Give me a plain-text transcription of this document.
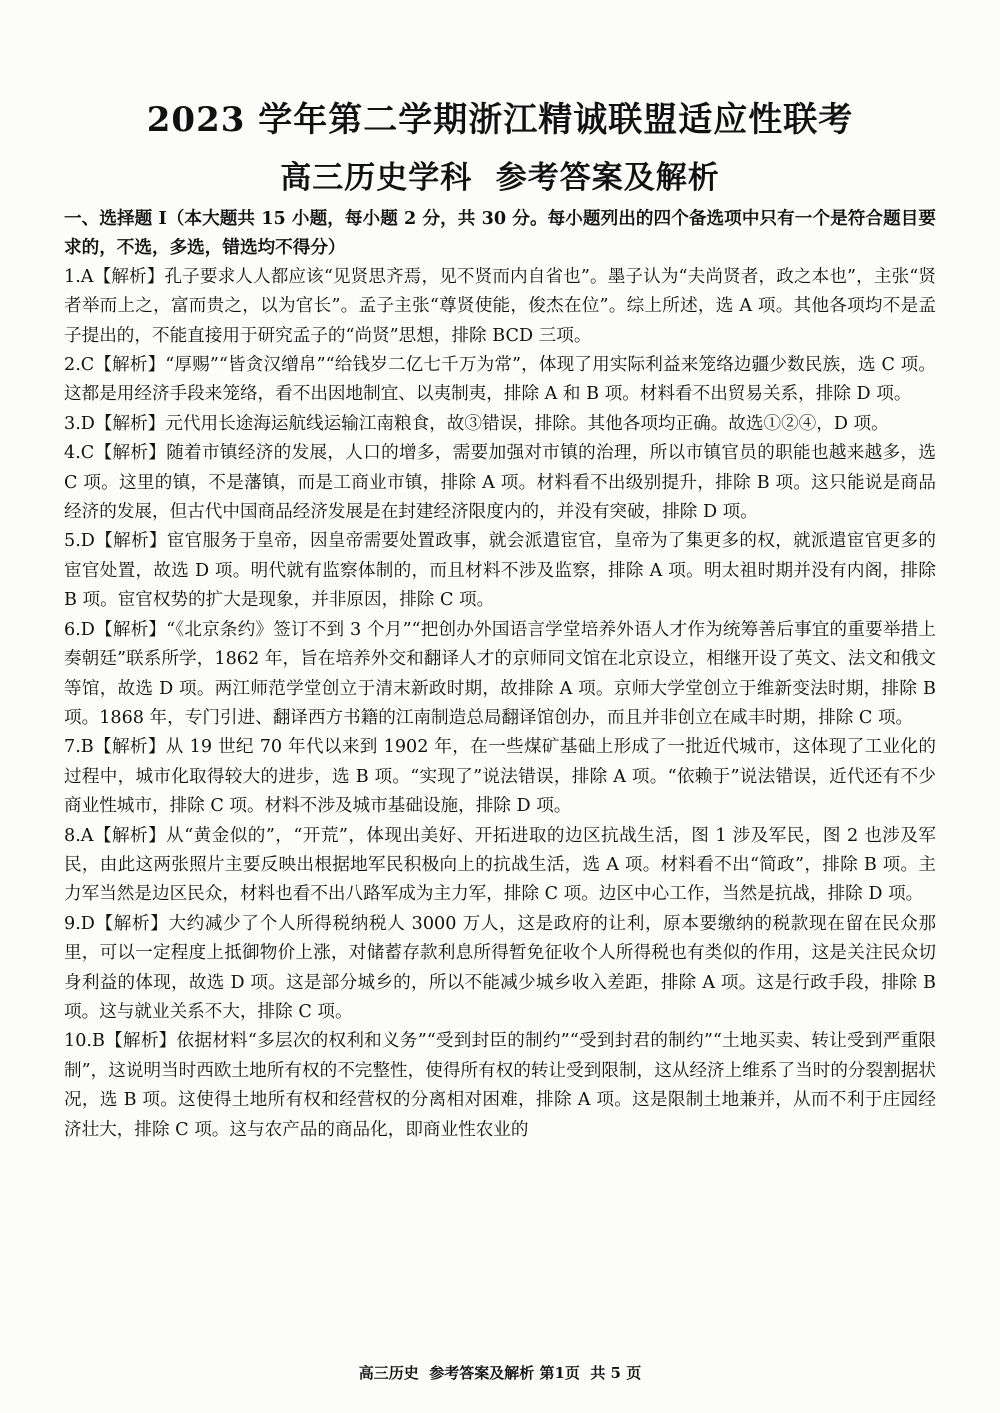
2023 学年第二学期浙江精诚联盟适应性联考
高三历史学科  参考答案及解析

一、选择题 I（本大题共 15 小题，每小题 2 分，共 30 分。每小题列出的四个备选项中只有一个是符合题目要求的，不选，多选，错选均不得分）

1.A【解析】孔子要求人人都应该“见贤思齐焉，见不贤而内自省也”。墨子认为“夫尚贤者，政之本也”，主张“贤者举而上之，富而贵之，以为官长”。孟子主张“尊贤使能，俊杰在位”。综上所述，选 A 项。其他各项均不是孟子提出的，不能直接用于研究孟子的“尚贤”思想，排除 BCD 三项。

2.C【解析】“厚赐”“皆贪汉缯帛”“给钱岁二亿七千万为常”，体现了用实际利益来笼络边疆少数民族，选 C 项。这都是用经济手段来笼络，看不出因地制宜、以夷制夷，排除 A 和 B 项。材料看不出贸易关系，排除 D 项。

3.D【解析】元代用长途海运航线运输江南粮食，故③错误，排除。其他各项均正确。故选①②④，D 项。

4.C【解析】随着市镇经济的发展，人口的增多，需要加强对市镇的治理，所以市镇官员的职能也越来越多，选 C 项。这里的镇，不是藩镇，而是工商业市镇，排除 A 项。材料看不出级别提升，排除 B 项。这只能说是商品经济的发展，但古代中国商品经济发展是在封建经济限度内的，并没有突破，排除 D 项。

5.D【解析】宦官服务于皇帝，因皇帝需要处置政事，就会派遣宦官，皇帝为了集更多的权，就派遣宦官更多的宦官处置，故选 D 项。明代就有监察体制的，而且材料不涉及监察，排除 A 项。明太祖时期并没有内阁，排除 B 项。宦官权势的扩大是现象，并非原因，排除 C 项。

6.D【解析】“《北京条约》签订不到 3 个月”“把创办外国语言学堂培养外语人才作为统筹善后事宜的重要举措上奏朝廷”联系所学，1862 年，旨在培养外交和翻译人才的京师同文馆在北京设立，相继开设了英文、法文和俄文等馆，故选 D 项。两江师范学堂创立于清末新政时期，故排除 A 项。京师大学堂创立于维新变法时期，排除 B 项。1868 年，专门引进、翻译西方书籍的江南制造总局翻译馆创办，而且并非创立在咸丰时期，排除 C 项。

7.B【解析】从 19 世纪 70 年代以来到 1902 年，在一些煤矿基础上形成了一批近代城市，这体现了工业化的过程中，城市化取得较大的进步，选 B 项。“实现了”说法错误，排除 A 项。“依赖于”说法错误，近代还有不少商业性城市，排除 C 项。材料不涉及城市基础设施，排除 D 项。

8.A【解析】从“黄金似的”，“开荒”，体现出美好、开拓进取的边区抗战生活，图 1 涉及军民，图 2 也涉及军民，由此这两张照片主要反映出根据地军民积极向上的抗战生活，选 A 项。材料看不出“简政”，排除 B 项。主力军当然是边区民众，材料也看不出八路军成为主力军，排除 C 项。边区中心工作，当然是抗战，排除 D 项。

9.D【解析】大约减少了个人所得税纳税人 3000 万人，这是政府的让利，原本要缴纳的税款现在留在民众那里，可以一定程度上抵御物价上涨，对储蓄存款利息所得暂免征收个人所得税也有类似的作用，这是关注民众切身利益的体现，故选 D 项。这是部分城乡的，所以不能减少城乡收入差距，排除 A 项。这是行政手段，排除 B 项。这与就业关系不大，排除 C 项。

10.B【解析】依据材料“多层次的权利和义务”“受到封臣的制约”“受到封君的制约”“土地买卖、转让受到严重限制”，这说明当时西欧土地所有权的不完整性，使得所有权的转让受到限制，这从经济上维系了当时的分裂割据状况，选 B 项。这使得土地所有权和经营权的分离相对困难，排除 A 项。这是限制土地兼并，从而不利于庄园经济壮大，排除 C 项。这与农产品的商品化，即商业性农业的

高三历史  参考答案及解析 第1页  共 5 页
